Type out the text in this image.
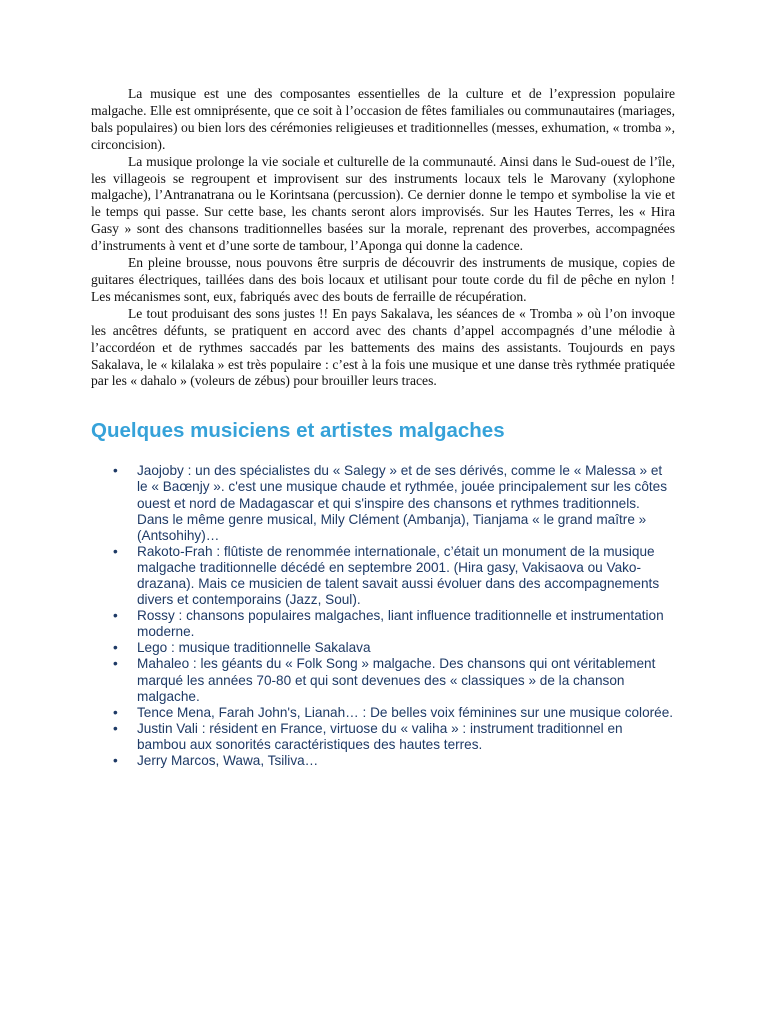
La musique est une des composantes essentielles de la culture et de l’expression populaire malgache. Elle est omniprésente, que ce soit à l’occasion de fêtes familiales ou communautaires (mariages, bals populaires) ou bien lors des cérémonies religieuses et traditionnelles (messes, exhumation, « tromba », circoncision).

La musique prolonge la vie sociale et culturelle de la communauté. Ainsi dans le Sud-ouest de l’île, les villageois se regroupent et improvisent sur des instruments locaux tels le Marovany (xylophone malgache), l’Antranatrana ou le Korintsana (percussion). Ce dernier donne le tempo et symbolise la vie et le temps qui passe. Sur cette base, les chants seront alors improvisés. Sur les Hautes Terres, les « Hira Gasy » sont des chansons traditionnelles basées sur la morale, reprenant des proverbes, accompagnées d’instruments à vent et d’une sorte de tambour, l’Aponga qui donne la cadence.

En pleine brousse, nous pouvons être surpris de découvrir des instruments de musique, copies de guitares électriques, taillées dans des bois locaux et utilisant pour toute corde du fil de pêche en nylon ! Les mécanismes sont, eux, fabriqués avec des bouts de ferraille de récupération.

Le tout produisant des sons justes !! En pays Sakalava, les séances de « Tromba » où l’on invoque les ancêtres défunts, se pratiquent en accord avec des chants d’appel accompagnés d’une mélodie à l’accordéon et de rythmes saccadés par les battements des mains des assistants. Toujourds en pays Sakalava, le « kilalaka » est très populaire : c’est à la fois une musique et une danse très rythmée pratiquée par les « dahalo » (voleurs de zébus) pour brouiller leurs traces.

Quelques musiciens et artistes malgaches
• Jaojoby : un des spécialistes du « Salegy » et de ses dérivés, comme le « Malessa » et le « Baœnjy ». c'est une musique chaude et rythmée, jouée principalement sur les côtes ouest et nord de Madagascar et qui s'inspire des chansons et rythmes traditionnels. Dans le même genre musical, Mily Clément (Ambanja), Tianjama « le grand maître » (Antsohihy)…
• Rakoto-Frah : flûtiste de renommée internationale, c’était un monument de la musique malgache traditionnelle décédé en septembre 2001. (Hira gasy, Vakisaova ou Vako-drazana). Mais ce musicien de talent savait aussi évoluer dans des accompagnements divers et contemporains (Jazz, Soul).
• Rossy : chansons populaires malgaches, liant influence traditionnelle et instrumentation moderne.
• Lego : musique traditionnelle Sakalava
• Mahaleo : les géants du « Folk Song » malgache. Des chansons qui ont véritablement marqué les années 70-80 et qui sont devenues des « classiques » de la chanson malgache.
• Tence Mena, Farah John's, Lianah… : De belles voix féminines sur une musique colorée.
• Justin Vali : résident en France, virtuose du « valiha » : instrument traditionnel en bambou aux sonorités caractéristiques des hautes terres.
• Jerry Marcos, Wawa, Tsiliva…
